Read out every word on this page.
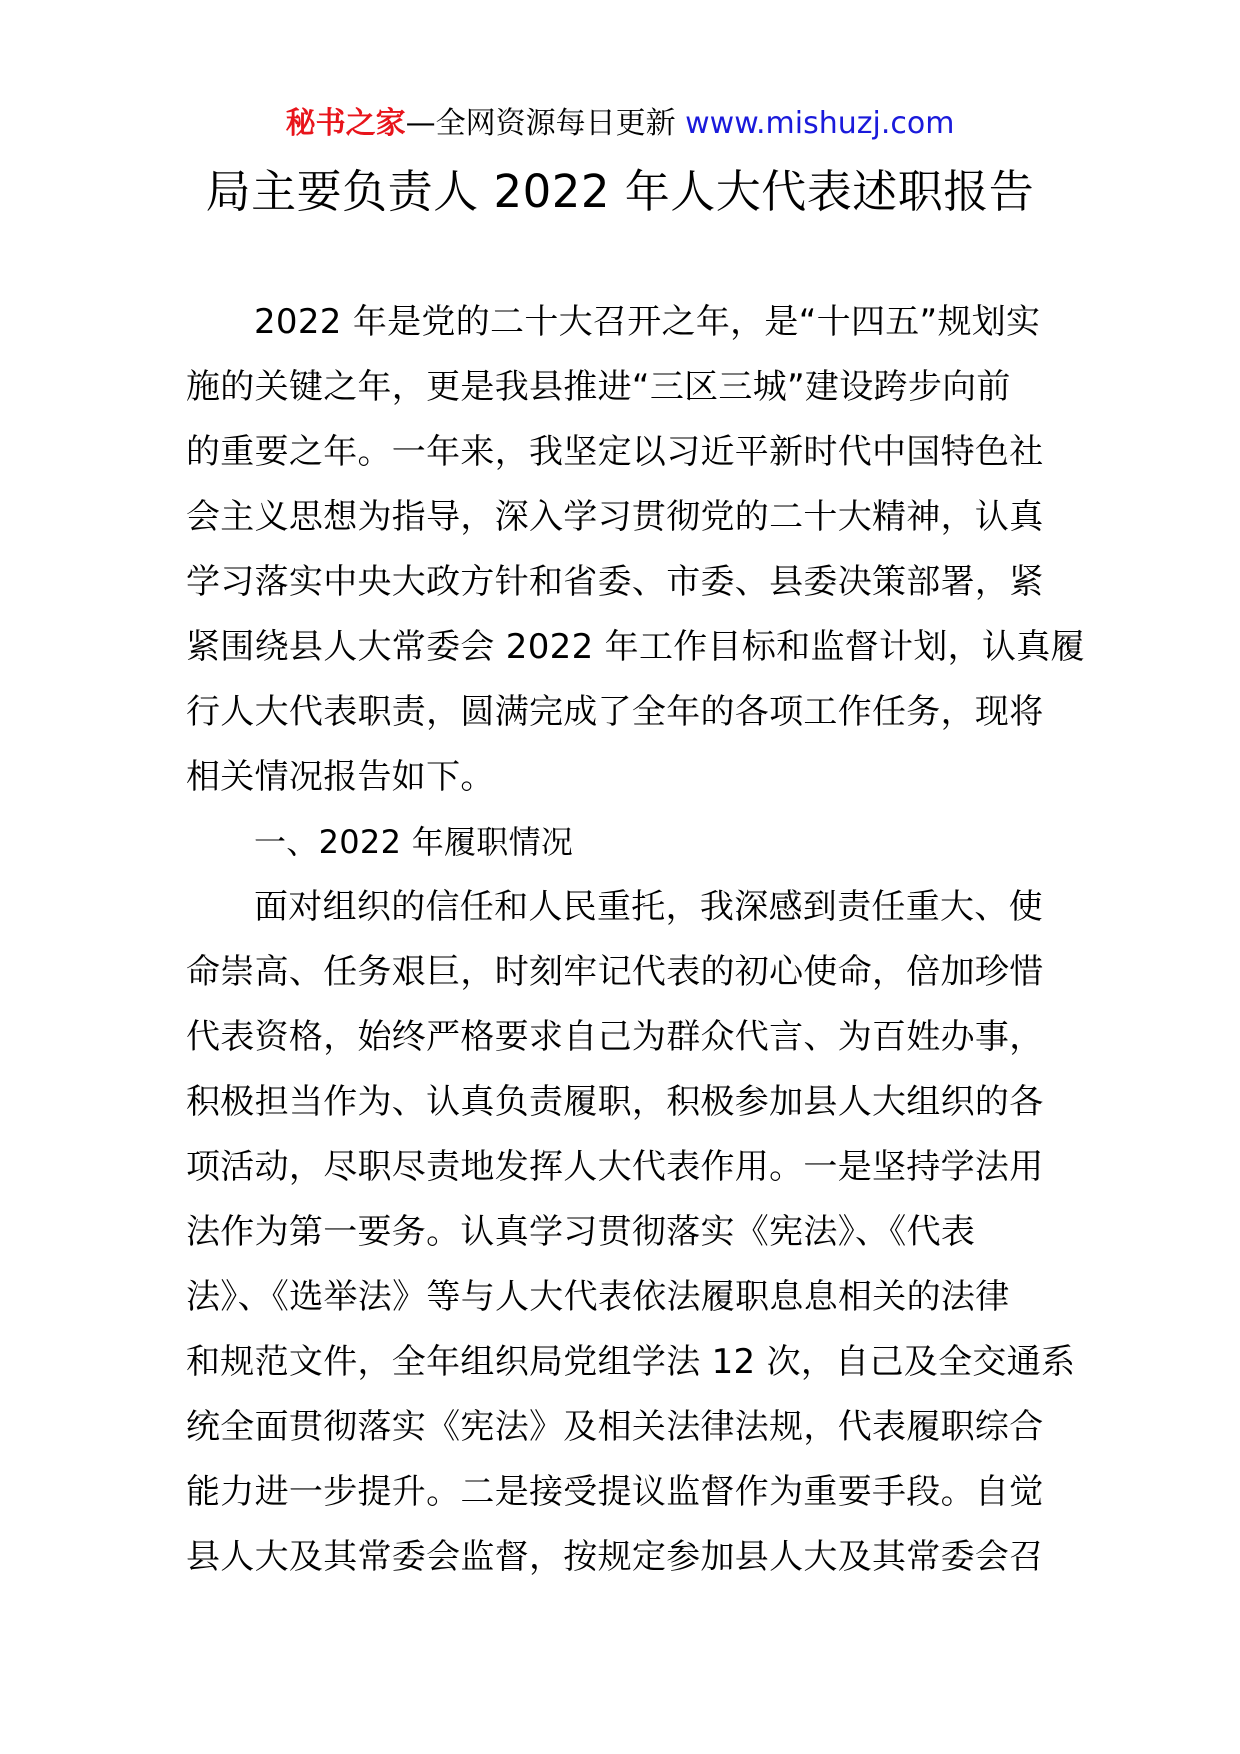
秘书之家—全网资源每日更新 www.mishuzj.com
局主要负责人 2022 年人大代表述职报告
2022 年是党的二十大召开之年，是“十四五”规划实
施的关键之年，更是我县推进“三区三城”建设跨步向前
的重要之年。一年来，我坚定以习近平新时代中国特色社
会主义思想为指导，深入学习贯彻党的二十大精神，认真
学习落实中央大政方针和省委、市委、县委决策部署，紧
紧围绕县人大常委会 2022 年工作目标和监督计划，认真履
行人大代表职责，圆满完成了全年的各项工作任务，现将
相关情况报告如下。
一、2022 年履职情况
面对组织的信任和人民重托，我深感到责任重大、使
命崇高、任务艰巨，时刻牢记代表的初心使命，倍加珍惜
代表资格，始终严格要求自己为群众代言、为百姓办事，
积极担当作为、认真负责履职，积极参加县人大组织的各
项活动，尽职尽责地发挥人大代表作用。一是坚持学法用
法作为第一要务。认真学习贯彻落实《宪法》、《代表
法》、《选举法》等与人大代表依法履职息息相关的法律
和规范文件，全年组织局党组学法 12 次，自己及全交通系
统全面贯彻落实《宪法》及相关法律法规，代表履职综合
能力进一步提升。二是接受提议监督作为重要手段。自觉
县人大及其常委会监督，按规定参加县人大及其常委会召
